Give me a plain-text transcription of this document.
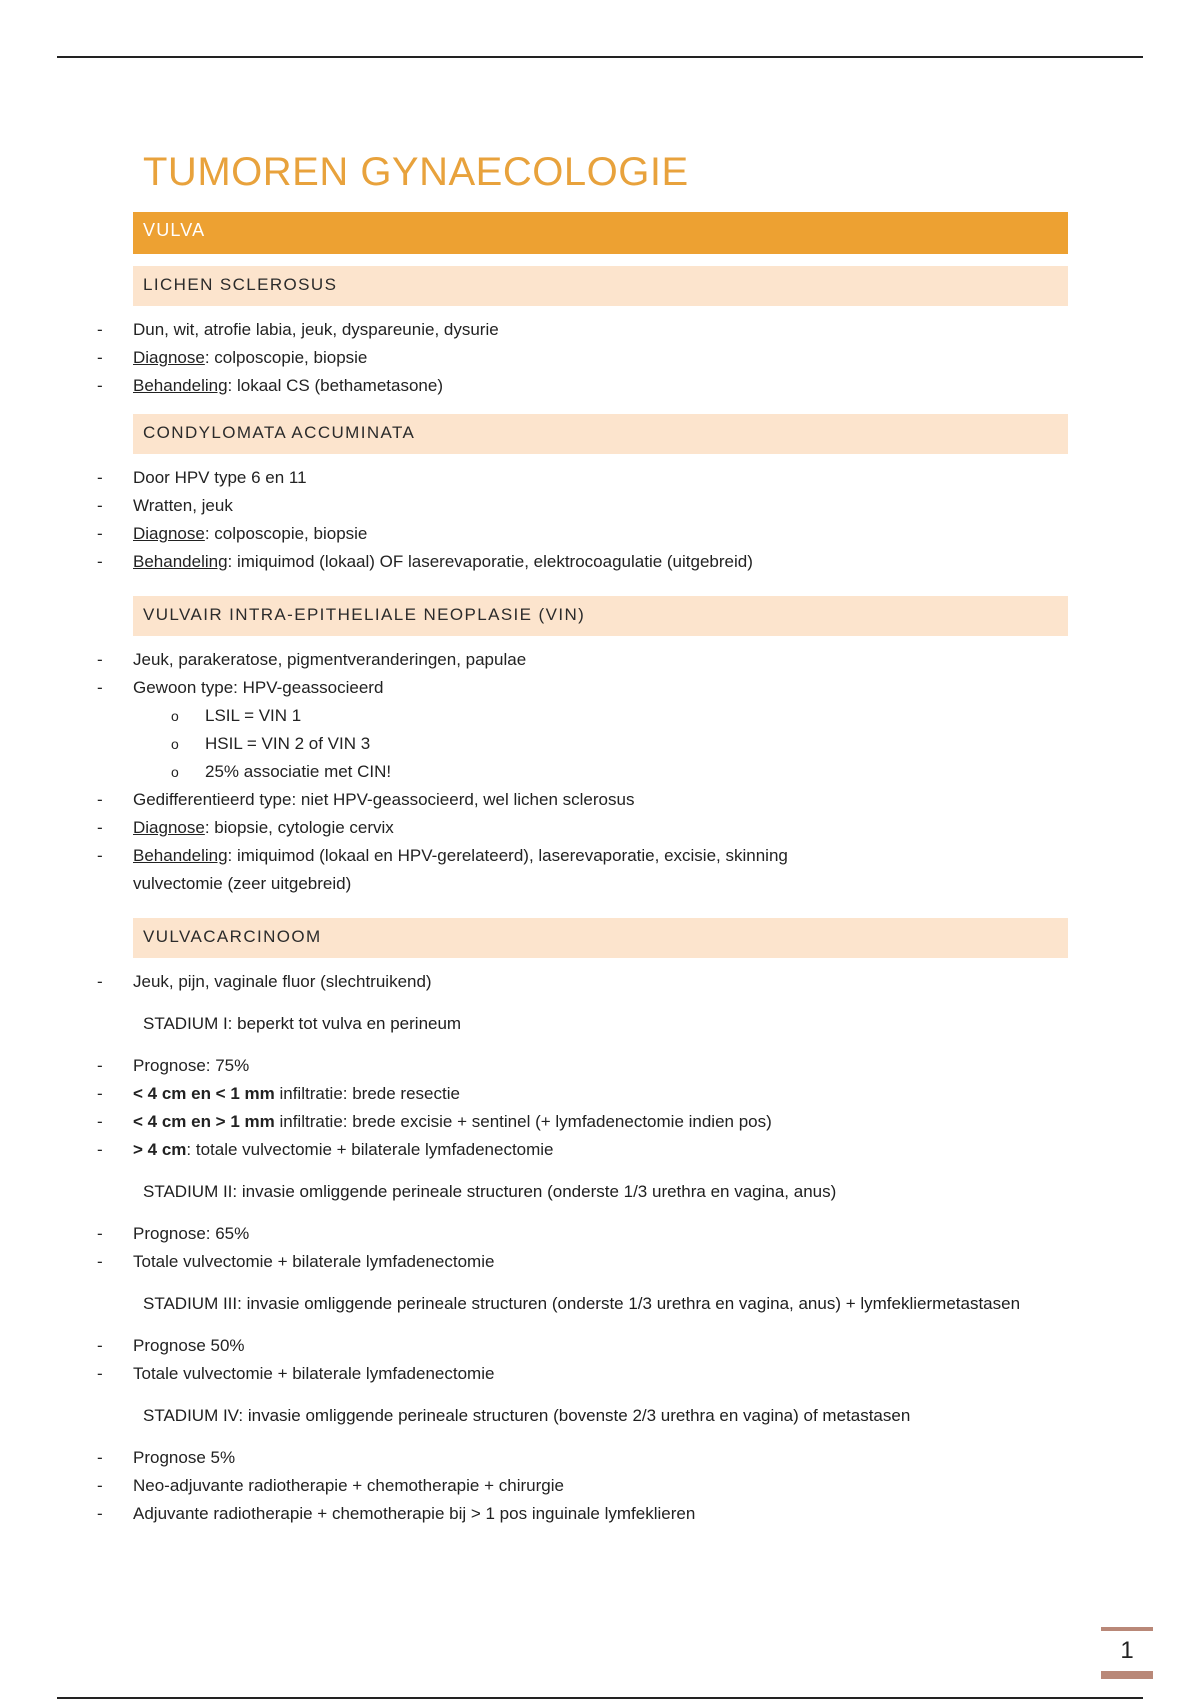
TUMOREN GYNAECOLOGIE
VULVA
LICHEN SCLEROSUS
- Dun, wit, atrofie labia, jeuk, dyspareunie, dysurie
- Diagnose: colposcopie, biopsie
- Behandeling: lokaal CS (bethametasone)
CONDYLOMATA ACCUMINATA
- Door HPV type 6 en 11
- Wratten, jeuk
- Diagnose: colposcopie, biopsie
- Behandeling: imiquimod (lokaal) OF laserevaporatie, elektrocoagulatie (uitgebreid)
VULVAIR INTRA-EPITHELIALE NEOPLASIE (VIN)
- Jeuk, parakeratose, pigmentveranderingen, papulae
- Gewoon type: HPV-geassocieerd
o LSIL = VIN 1
o HSIL = VIN 2 of VIN 3
o 25% associatie met CIN!
- Gedifferentieerd type: niet HPV-geassocieerd, wel lichen sclerosus
- Diagnose: biopsie, cytologie cervix
- Behandeling: imiquimod (lokaal en HPV-gerelateerd), laserevaporatie, excisie, skinning
vulvectomie (zeer uitgebreid)
VULVACARCINOOM
- Jeuk, pijn, vaginale fluor (slechtruikend)

STADIUM I: beperkt tot vulva en perineum

- Prognose: 75%
- < 4 cm en < 1 mm infiltratie: brede resectie
- < 4 cm en > 1 mm infiltratie: brede excisie + sentinel (+ lymfadenectomie indien pos)
- > 4 cm: totale vulvectomie + bilaterale lymfadenectomie

STADIUM II: invasie omliggende perineale structuren (onderste 1/3 urethra en vagina, anus)

- Prognose: 65%
- Totale vulvectomie + bilaterale lymfadenectomie

STADIUM III: invasie omliggende perineale structuren (onderste 1/3 urethra en vagina, anus) + lymfekliermetastasen

- Prognose 50%
- Totale vulvectomie + bilaterale lymfadenectomie

STADIUM IV: invasie omliggende perineale structuren (bovenste 2/3 urethra en vagina) of metastasen

- Prognose 5%
- Neo-adjuvante radiotherapie + chemotherapie + chirurgie
- Adjuvante radiotherapie + chemotherapie bij > 1 pos inguinale lymfeklieren
1
